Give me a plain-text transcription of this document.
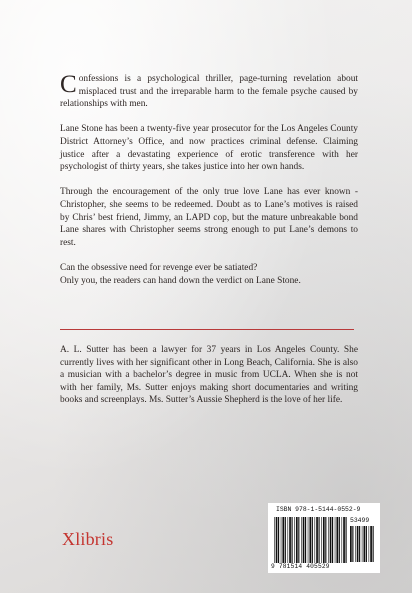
Confessions is a psychological thriller, page-turning revelation about misplaced trust and the irreparable harm to the female psyche caused by relationships with men.

Lane Stone has been a twenty-five year prosecutor for the Los Angeles County District Attorney’s Office, and now practices criminal defense. Claiming justice after a devastating experience of erotic transference with her psychologist of thirty years, she takes justice into her own hands.

Through the encouragement of the only true love Lane has ever known - Christopher, she seems to be redeemed. Doubt as to Lane’s motives is raised by Chris’ best friend, Jimmy, an LAPD cop, but the mature unbreakable bond Lane shares with Christopher seems strong enough to put Lane’s demons to rest.

Can the obsessive need for revenge ever be satiated?
Only you, the readers can hand down the verdict on Lane Stone.

A. L. Sutter has been a lawyer for 37 years in Los Angeles County. She currently lives with her significant other in Long Beach, California. She is also a musician with a bachelor’s degree in music from UCLA. When she is not with her family, Ms. Sutter enjoys making short documentaries and writing books and screenplays. Ms. Sutter’s Aussie Shepherd is the love of her life.

Xlibris
ISBN 978-1-5144-0552-9
53499
9 781514 405529
